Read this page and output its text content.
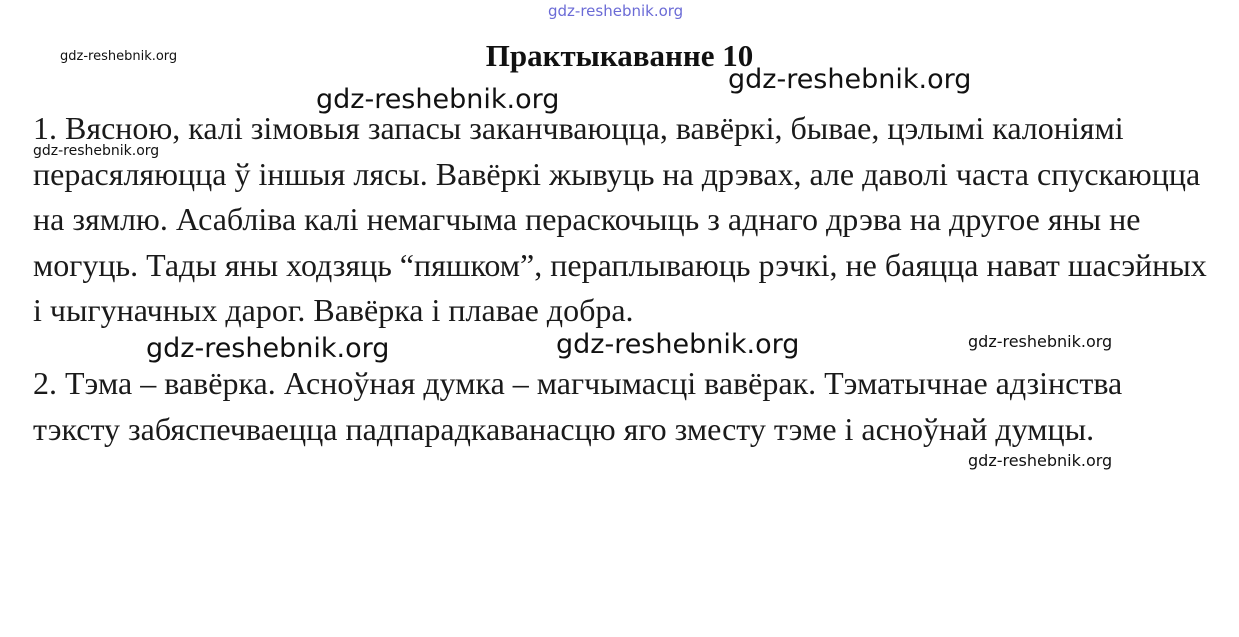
Практыкаванне 10

1. Вясною, калі зімовыя запасы заканчваюцца, вавёркі, бывае, цэлымі калоніямі перасяляюцца ў іншыя лясы. Вавёркі жывуць на дрэвах, але даволі часта спускаюцца на зямлю. Асабліва калі немагчыма пераскочыць з аднаго дрэва на другое яны не могуць. Тады яны ходзяць “пяшком”, пераплываюць рэчкі, не баяцца нават шасэйных і чыгуначных дарог. Вавёрка і плавае добра.

2. Тэма – вавёрка. Асноўная думка – магчымасці вавёрак. Тэматычнае адзінства тэксту забяспечваецца падпарадкаванасцю яго зместу тэме і асноўнай думцы.

gdz-reshebnik.org
gdz-reshebnik.org
gdz-reshebnik.org
gdz-reshebnik.org
gdz-reshebnik.org
gdz-reshebnik.org	gdz-reshebnik.org	gdz-reshebnik.org
gdz-reshebnik.org
